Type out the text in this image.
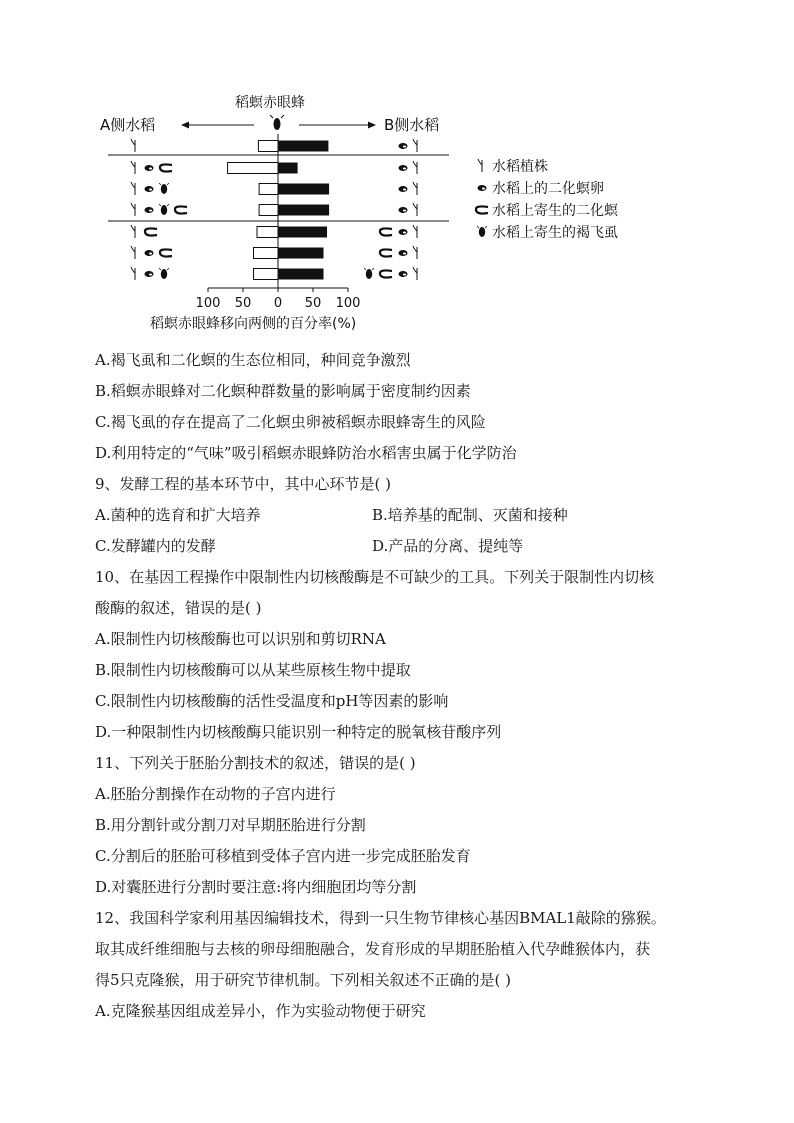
稻螟赤眼蜂
A侧水稻	B侧水稻
100 50 0 50 100
稻螟赤眼蜂移向两侧的百分率(%)
水稻植株
水稻上的二化螟卵
水稻上寄生的二化螟
水稻上寄生的褐飞虱
A.褐飞虱和二化螟的生态位相同，种间竞争激烈
B.稻螟赤眼蜂对二化螟种群数量的影响属于密度制约因素
C.褐飞虱的存在提高了二化螟虫卵被稻螟赤眼蜂寄生的风险
D.利用特定的“气味”吸引稻螟赤眼蜂防治水稻害虫属于化学防治
9、发酵工程的基本环节中，其中心环节是( )
A.菌种的选育和扩大培养	B.培养基的配制、灭菌和接种
C.发酵罐内的发酵	D.产品的分离、提纯等
10、在基因工程操作中限制性内切核酸酶是不可缺少的工具。下列关于限制性内切核
酸酶的叙述，错误的是( )
A.限制性内切核酸酶也可以识别和剪切RNA
B.限制性内切核酸酶可以从某些原核生物中提取
C.限制性内切核酸酶的活性受温度和pH等因素的影响
D.一种限制性内切核酸酶只能识别一种特定的脱氧核苷酸序列
11、下列关于胚胎分割技术的叙述，错误的是( )
A.胚胎分割操作在动物的子宫内进行
B.用分割针或分割刀对早期胚胎进行分割
C.分割后的胚胎可移植到受体子宫内进一步完成胚胎发育
D.对囊胚进行分割时要注意:将内细胞团均等分割
12、我国科学家利用基因编辑技术，得到一只生物节律核心基因BMAL1敲除的猕猴。
取其成纤维细胞与去核的卵母细胞融合，发育形成的早期胚胎植入代孕雌猴体内，获
得5只克隆猴，用于研究节律机制。下列相关叙述不正确的是( )
A.克隆猴基因组成差异小，作为实验动物便于研究
